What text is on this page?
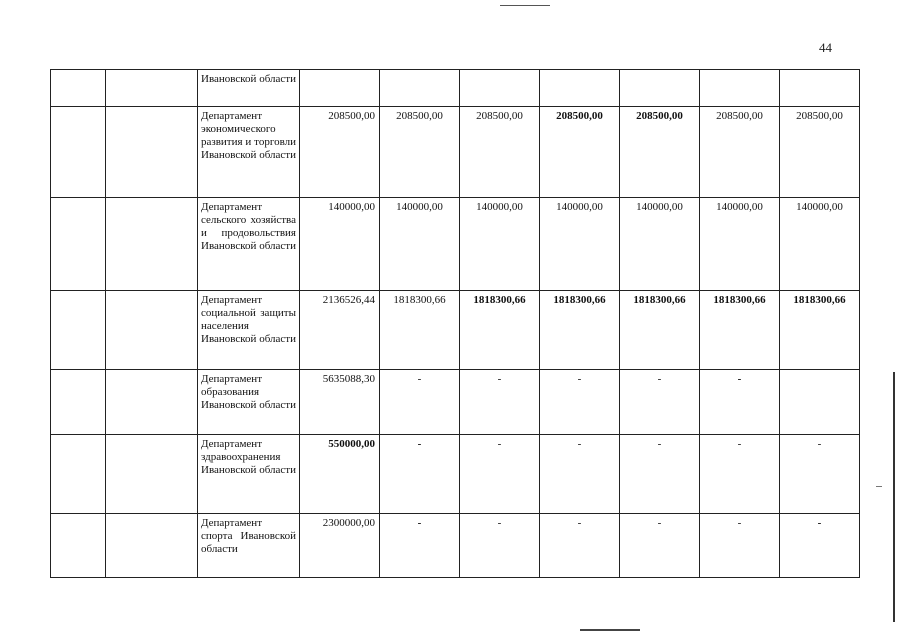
44
		Ивановской области							
		Департамент экономического развития и торговли Ивановской области	208500,00	208500,00	208500,00	208500,00	208500,00	208500,00	208500,00
		Департамент сельского хозяйства и продовольствия Ивановской области	140000,00	140000,00	140000,00	140000,00	140000,00	140000,00	140000,00
		Департамент социальной защиты населения Ивановской области	2136526,44	1818300,66	1818300,66	1818300,66	1818300,66	1818300,66	1818300,66
		Департамент образования Ивановской области	5635088,30	-	-	-	-	-	
		Департамент здравоохранения Ивановской области	550000,00	-	-	-	-	-	-
		Департамент спорта Ивановской области	2300000,00	-	-	-	-	-	-
